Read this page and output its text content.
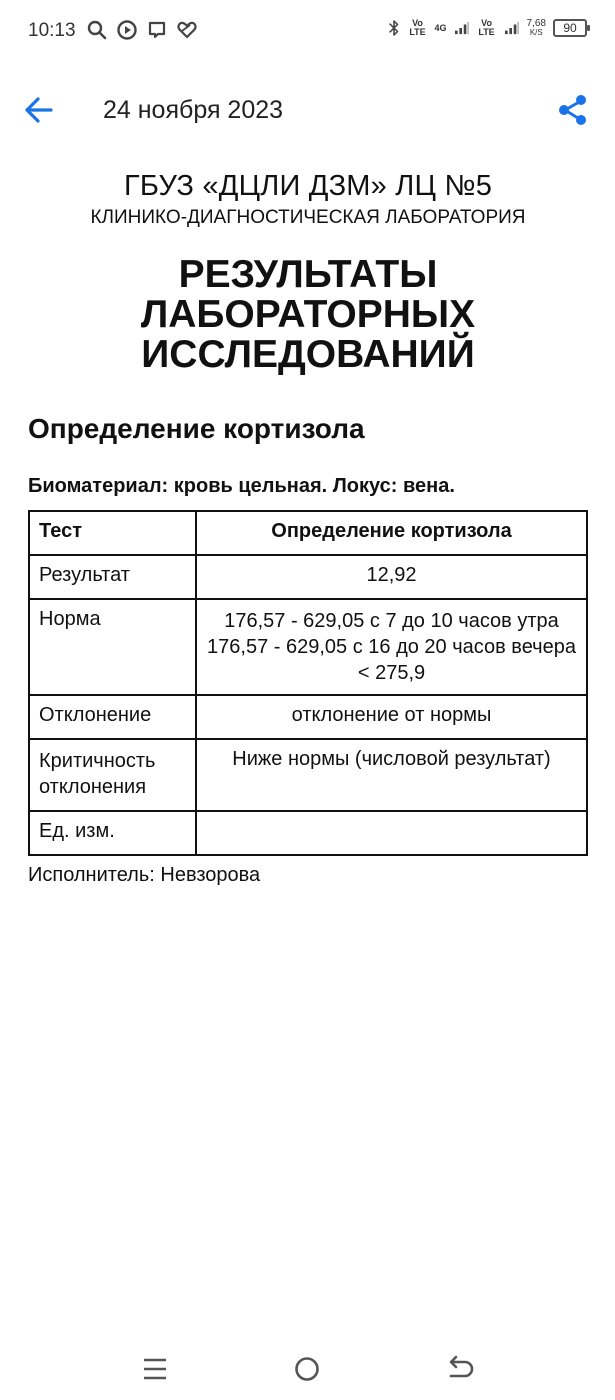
10:13	Vo LTE 4G	Vo LTE
7,68
K/S	90
24 ноября 2023
ГБУЗ «ДЦЛИ ДЗМ» ЛЦ №5
КЛИНИКО-ДИАГНОСТИЧЕСКАЯ ЛАБОРАТОРИЯ
РЕЗУЛЬТАТЫ ЛАБОРАТОРНЫХ ИССЛЕДОВАНИЙ
Определение кортизола
Биоматериал: кровь цельная. Локус: вена.
Тест	Определение кортизола
Результат	12,92
Норма	176,57 - 629,05 с 7 до 10 часов утра 176,57 - 629,05 с 16 до 20 часов вечера < 275,9
Отклонение	отклонение от нормы
Критичность отклонения	Ниже нормы (числовой результат)
Ед. изм.	
Исполнитель: Невзорова
